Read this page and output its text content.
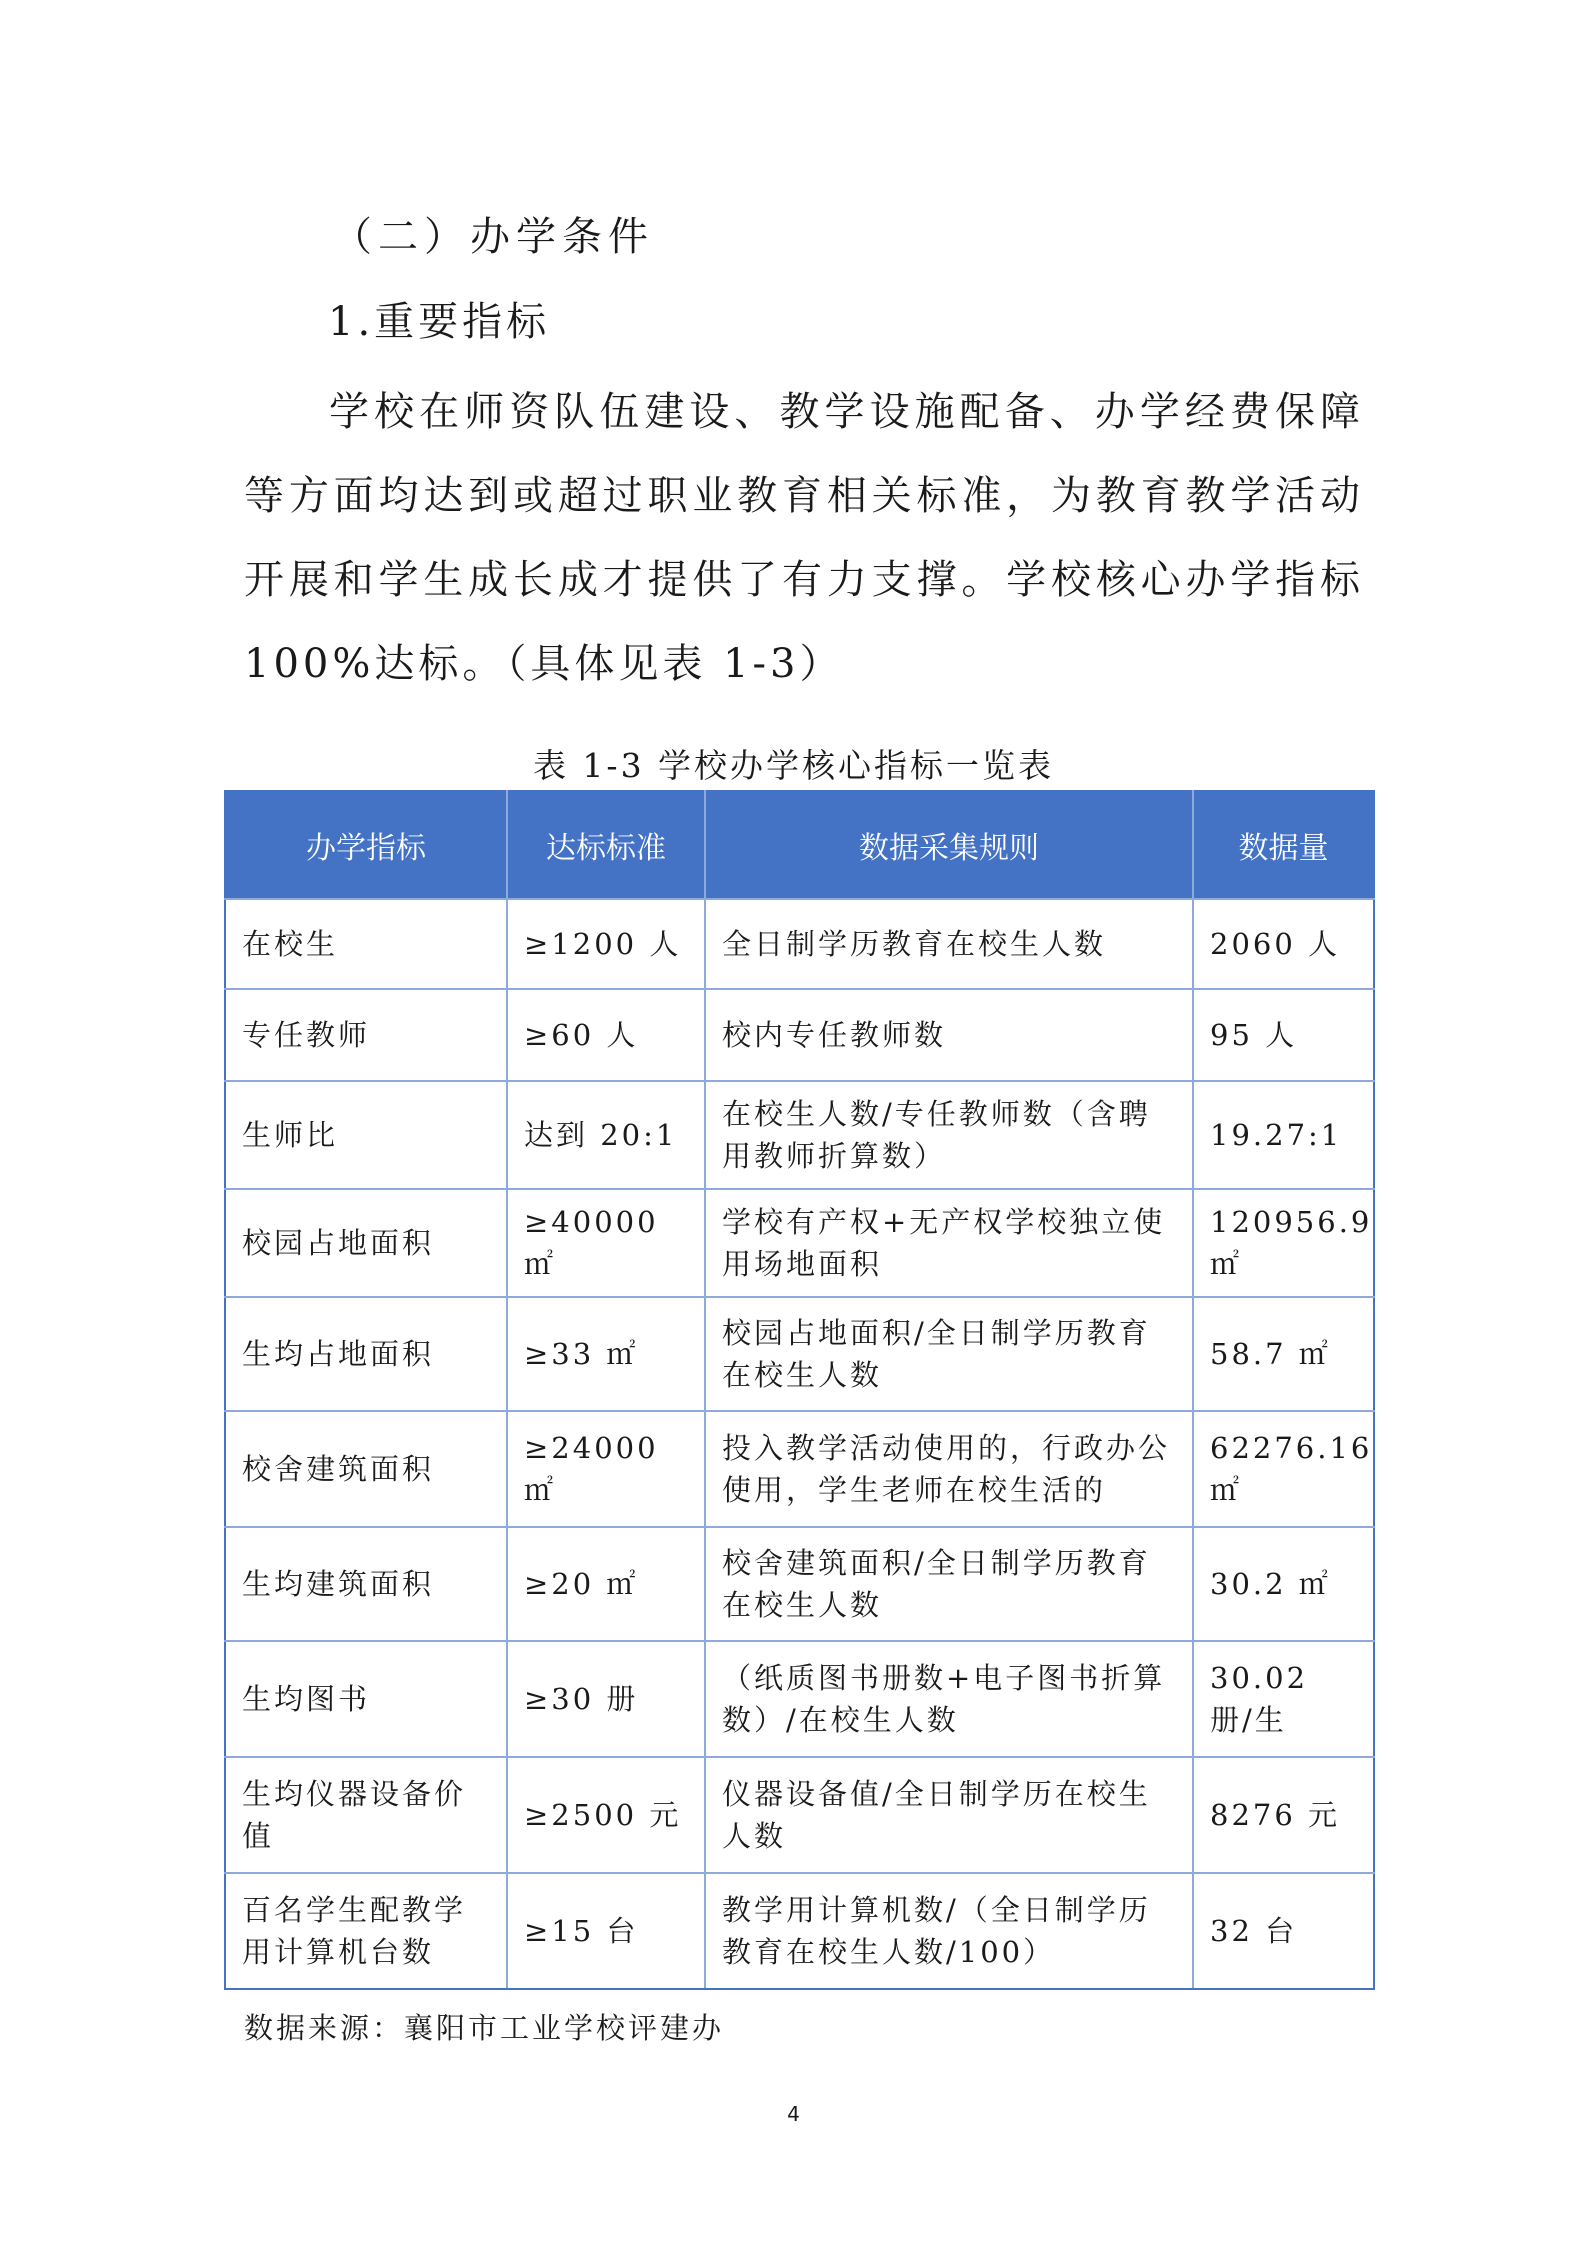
（二）办学条件
1.重要指标
学校在师资队伍建设、教学设施配备、办学经费保障等方面均达到或超过职业教育相关标准，为教育教学活动开展和学生成长成才提供了有力支撑。学校核心办学指标 100%达标。（具体见表 1-3）
表 1-3 学校办学核心指标一览表
办学指标	达标标准	数据采集规则	数据量
在校生	≥1200 人	全日制学历教育在校生人数	2060 人
专任教师	≥60 人	校内专任教师数	95 人
生师比	达到 20:1	在校生人数/专任教师数（含聘用教师折算数）	19.27:1
校园占地面积	≥40000 ㎡	学校有产权+无产权学校独立使用场地面积	120956.9 ㎡
生均占地面积	≥33 ㎡	校园占地面积/全日制学历教育在校生人数	58.7 ㎡
校舍建筑面积	≥24000 ㎡	投入教学活动使用的，行政办公使用，学生老师在校生活的	62276.16 ㎡
生均建筑面积	≥20 ㎡	校舍建筑面积/全日制学历教育在校生人数	30.2 ㎡
生均图书	≥30 册	（纸质图书册数+电子图书折算数）/在校生人数	30.02 册/生
生均仪器设备价值	≥2500 元	仪器设备值/全日制学历在校生人数	8276 元
百名学生配教学用计算机台数	≥15 台	教学用计算机数/（全日制学历教育在校生人数/100）	32 台
数据来源：襄阳市工业学校评建办
4
